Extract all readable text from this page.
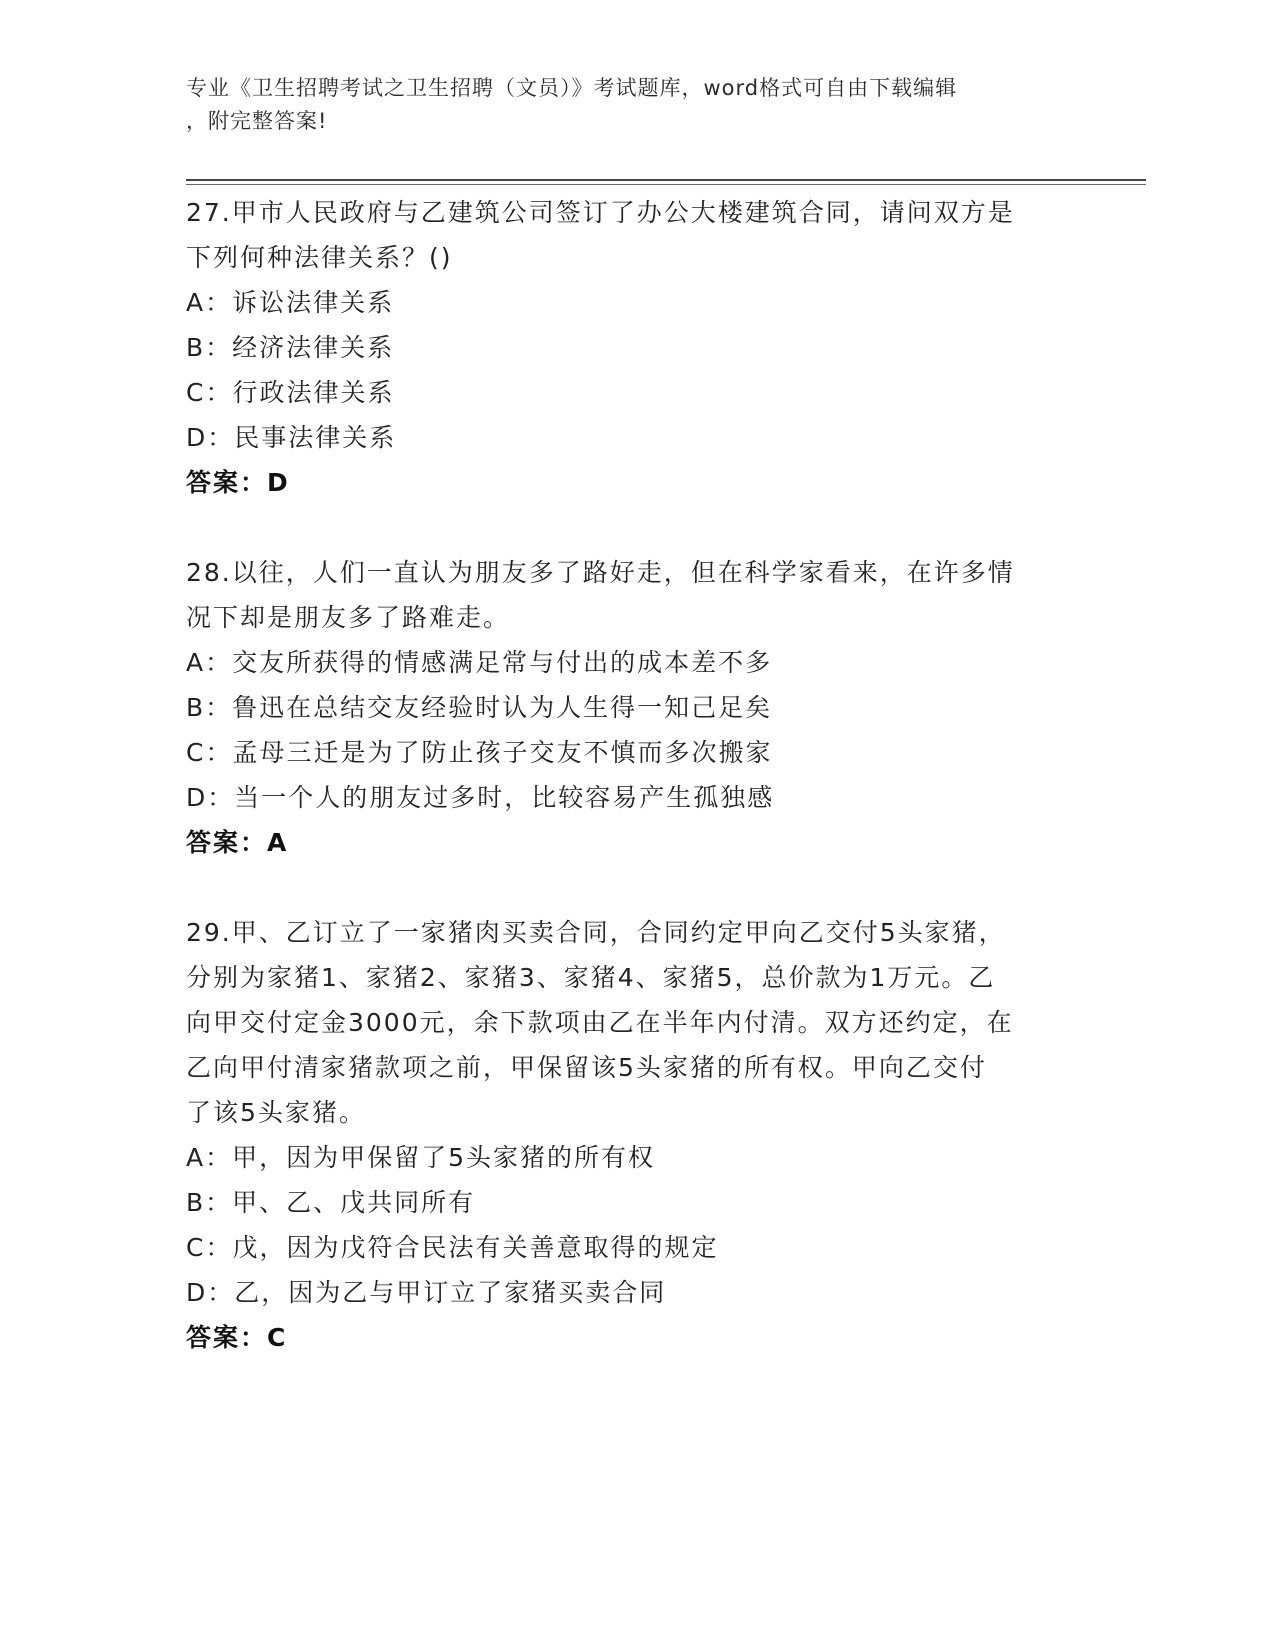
专业《卫生招聘考试之卫生招聘（文员）》考试题库，word格式可自由下载编辑
，附完整答案!

27.甲市人民政府与乙建筑公司签订了办公大楼建筑合同，请问双方是

下列何种法律关系？()

A：诉讼法律关系

B：经济法律关系

C：行政法律关系

D：民事法律关系

答案：D

28.以往，人们一直认为朋友多了路好走，但在科学家看来，在许多情

况下却是朋友多了路难走。

A：交友所获得的情感满足常与付出的成本差不多

B：鲁迅在总结交友经验时认为人生得一知己足矣

C：孟母三迁是为了防止孩子交友不慎而多次搬家

D：当一个人的朋友过多时，比较容易产生孤独感

答案：A

29.甲、乙订立了一家猪肉买卖合同，合同约定甲向乙交付5头家猪，

分别为家猪1、家猪2、家猪3、家猪4、家猪5，总价款为1万元。乙

向甲交付定金3000元，余下款项由乙在半年内付清。双方还约定，在

乙向甲付清家猪款项之前，甲保留该5头家猪的所有权。甲向乙交付

了该5头家猪。

A：甲，因为甲保留了5头家猪的所有权

B：甲、乙、戊共同所有

C：戊，因为戊符合民法有关善意取得的规定

D：乙，因为乙与甲订立了家猪买卖合同

答案：C
